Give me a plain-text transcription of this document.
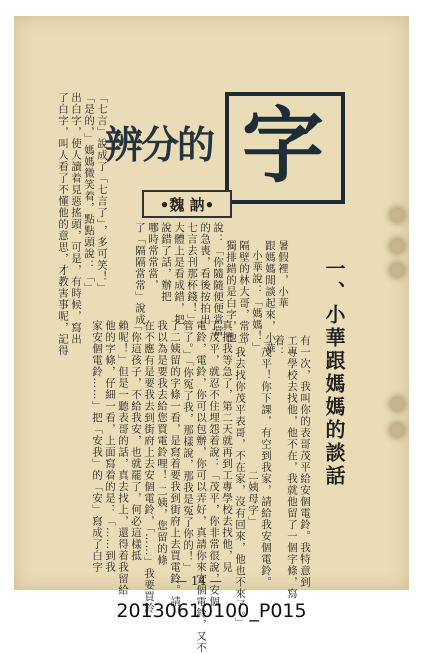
辨分的 字
•魏 訥•
一、小華跟媽媽的談話
有一次，我叫你的表哥茂平給安個電鈴。我特意到
工專學校去找他，他不在，我就他留了一個字條，寫
着：
「茂平！你下課，有空到我家，請給我安個電鈴。
二姨母字」
「我去找你茂平表哥，不在家，沒有回來，他也不來了。」
真把我等急了，第二天就再到工專學校去找他，見
了茂平，就忍不住埋怨着說：「茂平，你非常很說，安個
電鈴，電鈴，你可以包辦，你可以弄好，真請你來安個電鈴，又不
管了。」「你冤了我，那樣說，那我是冤了你的！」
了二姨留的字條一看，是寫着要我到街府上去買電鈴。請
我以為是要我去給您買電鈴哩！ 二姨，您留的條
在不應有是要我去到街府上去安個電鈴，「……」我要買鈴
「你這孩子，不給我安，也就罷了，何必這樣抵
賴呢！」但是一聽表哥的話，真去找上，還得着我留給
他的字條，仔細一看，上面寫着的是：「……到我
家安個電鈴……」把「安我」的「安」寫成了白字
小華說：「媽媽！」 跟媽媽閒談起來，小華 暑假裡，小華
隔壁的林大哥，常常
獨排錯的是白字，他
說：「你隨隨便便當當
的急喪，看後按拍出
七言去刊那杯錢！」
大體上是看成錯，把
說錯了話，辦把
哪時常常當，
了「隔隔當常」說成
「七言」說成了「七言了」，多可笑！」
「是的，」媽媽微笑着，點點頭說：「」
出白字，使人讀着見惡搖頭，可是，有時候，寫出
了白字，叫人看了不懂他的意思，才教害事呢，記得
— 14 —
20130610100_P015
